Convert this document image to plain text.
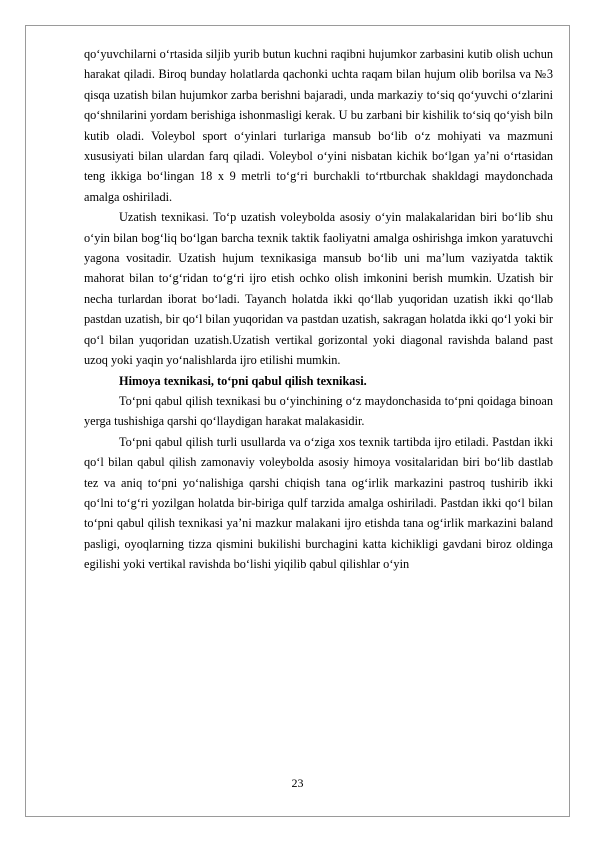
qo‘yuvchilarni o‘rtasida siljib yurib butun kuchni raqibni hujumkor zarbasini kutib olish uchun harakat qiladi. Biroq bunday holatlarda qachonki uchta raqam bilan hujum olib borilsa va №3 qisqa uzatish bilan hujumkor zarba berishni bajaradi, unda markaziy to‘siq qo‘yuvchi o‘zlarini qo‘shnilarini yordam berishiga ishonmasligi kerak. U bu zarbani bir kishilik to‘siq qo‘yish biln kutib oladi. Voleybol sport o‘yinlari turlariga mansub bo‘lib o‘z mohiyati va mazmuni xususiyati bilan ulardan farq qiladi. Voleybol o‘yini nisbatan kichik bo‘lgan ya’ni o‘rtasidan teng ikkiga bo‘lingan 18 x 9 metrli to‘g‘ri burchakli to‘rtburchak shakldagi maydonchada amalga oshiriladi.

Uzatish texnikasi. To‘p uzatish voleybolda asosiy o‘yin malakalaridan biri bo‘lib shu o‘yin bilan bog‘liq bo‘lgan barcha texnik taktik faoliyatni amalga oshirishga imkon yaratuvchi yagona vositadir. Uzatish hujum texnikasiga mansub bo‘lib uni ma’lum vaziyatda taktik mahorat bilan to‘g‘ridan to‘g‘ri ijro etish ochko olish imkonini berish mumkin. Uzatish bir necha turlardan iborat bo‘ladi. Tayanch holatda ikki qo‘llab yuqoridan uzatish ikki qo‘llab pastdan uzatish, bir qo‘l bilan yuqoridan va pastdan uzatish, sakragan holatda ikki qo‘l yoki bir qo‘l bilan yuqoridan uzatish.Uzatish vertikal gorizontal yoki diagonal ravishda baland past uzoq yoki yaqin yo‘nalishlarda ijro etilishi mumkin.

Himoya texnikasi, to‘pni qabul qilish texnikasi.

To‘pni qabul qilish texnikasi bu o‘yinchining o‘z maydonchasida to‘pni qoidaga binoan yerga tushishiga qarshi qo‘llaydigan harakat malakasidir.

To‘pni qabul qilish turli usullarda va o‘ziga xos texnik tartibda ijro etiladi. Pastdan ikki qo‘l bilan qabul qilish zamonaviy voleybolda asosiy himoya vositalaridan biri bo‘lib dastlab tez va aniq to‘pni yo‘nalishiga qarshi chiqish tana og‘irlik markazini pastroq tushirib ikki qo‘lni to‘g‘ri yozilgan holatda bir-biriga qulf tarzida amalga oshiriladi. Pastdan ikki qo‘l bilan to‘pni qabul qilish texnikasi ya’ni mazkur malakani ijro etishda tana og‘irlik markazini baland pasligi, oyoqlarning tizza qismini bukilishi burchagini katta kichikligi gavdani biroz oldinga egilishi yoki vertikal ravishda bo‘lishi yiqilib qabul qilishlar o‘yin

23
